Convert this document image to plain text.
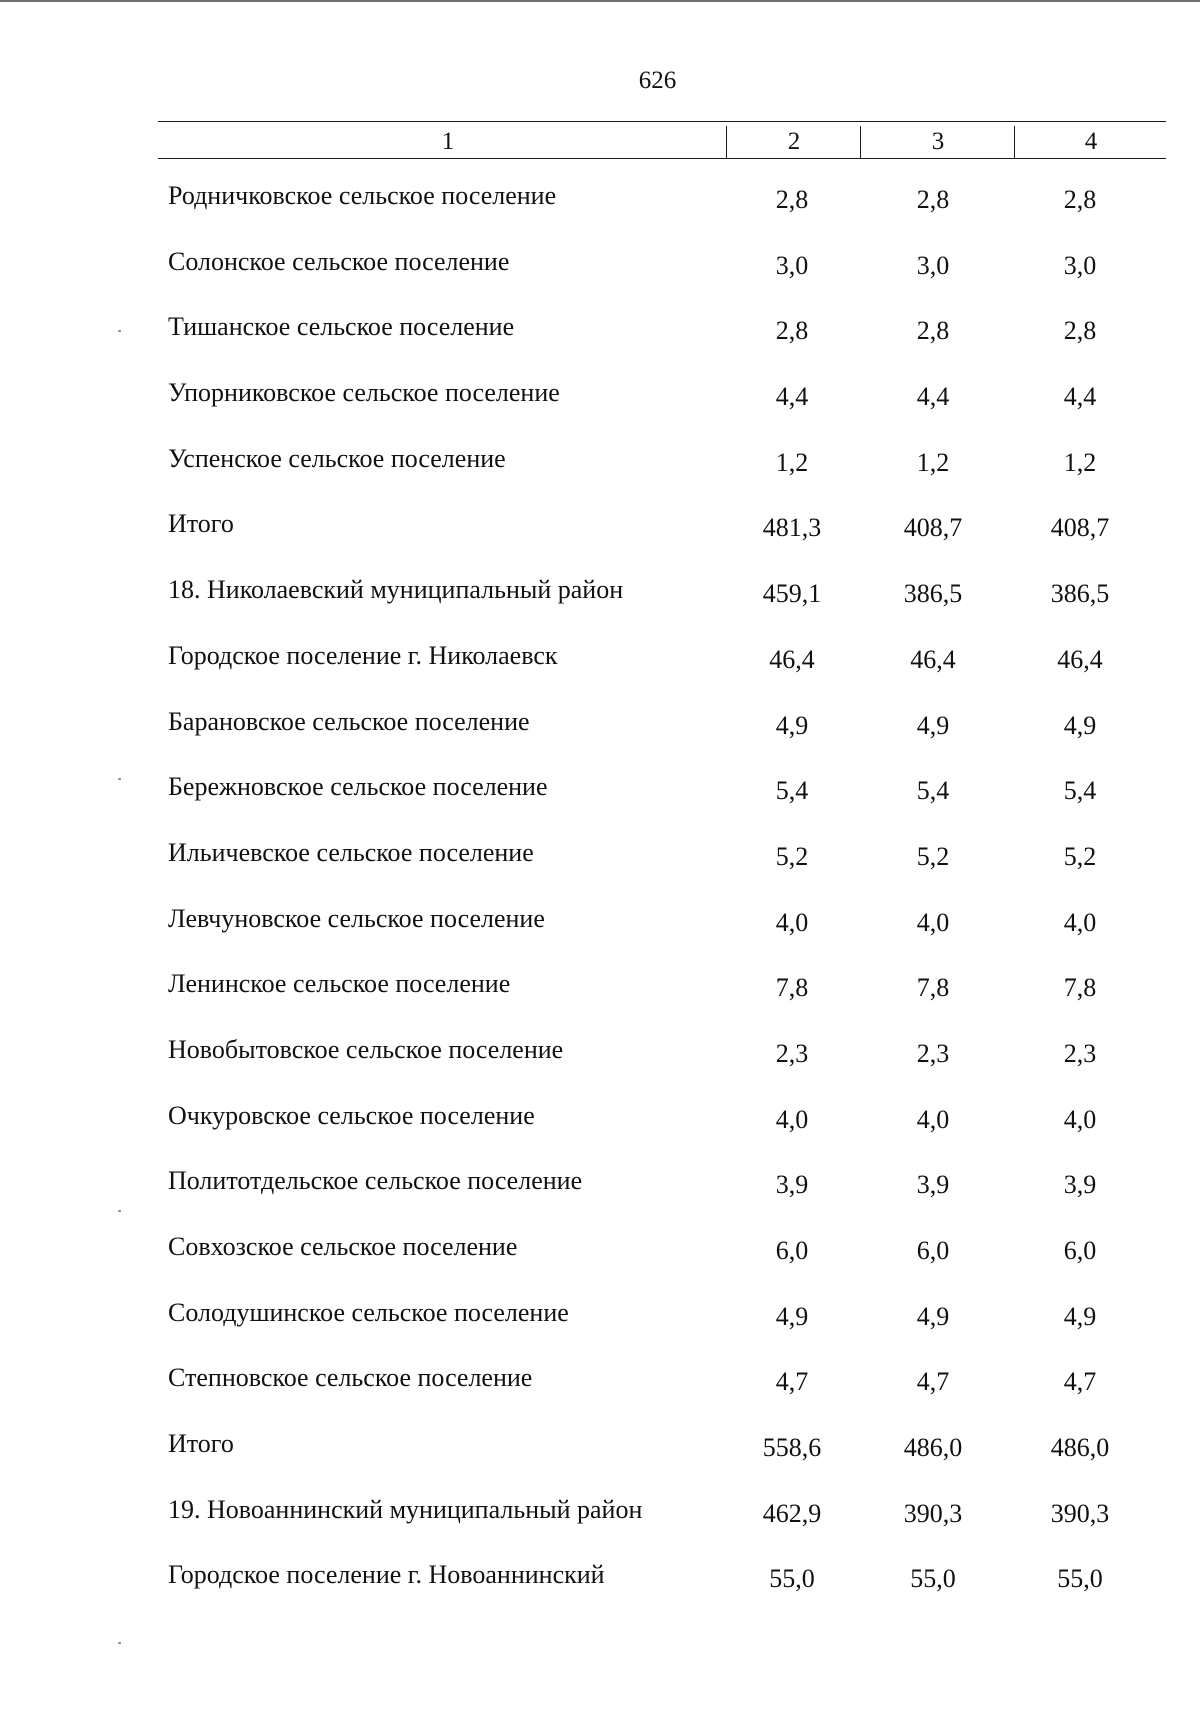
626
1	2	3	4
Родничковское сельское поселение	2,8	2,8	2,8
Солонское сельское поселение	3,0	3,0	3,0
Тишанское сельское поселение	2,8	2,8	2,8
Упорниковское сельское поселение	4,4	4,4	4,4
Успенское сельское поселение	1,2	1,2	1,2
Итого	481,3	408,7	408,7
18. Николаевский муниципальный район	459,1	386,5	386,5
Городское поселение г. Николаевск	46,4	46,4	46,4
Барановское сельское поселение	4,9	4,9	4,9
Бережновское сельское поселение	5,4	5,4	5,4
Ильичевское сельское поселение	5,2	5,2	5,2
Левчуновское сельское поселение	4,0	4,0	4,0
Ленинское сельское поселение	7,8	7,8	7,8
Новобытовское сельское поселение	2,3	2,3	2,3
Очкуровское сельское поселение	4,0	4,0	4,0
Политотдельское сельское поселение	3,9	3,9	3,9
Совхозское сельское поселение	6,0	6,0	6,0
Солодушинское сельское поселение	4,9	4,9	4,9
Степновское сельское поселение	4,7	4,7	4,7
Итого	558,6	486,0	486,0
19. Новоаннинский муниципальный район	462,9	390,3	390,3
Городское поселение г. Новоаннинский	55,0	55,0	55,0
